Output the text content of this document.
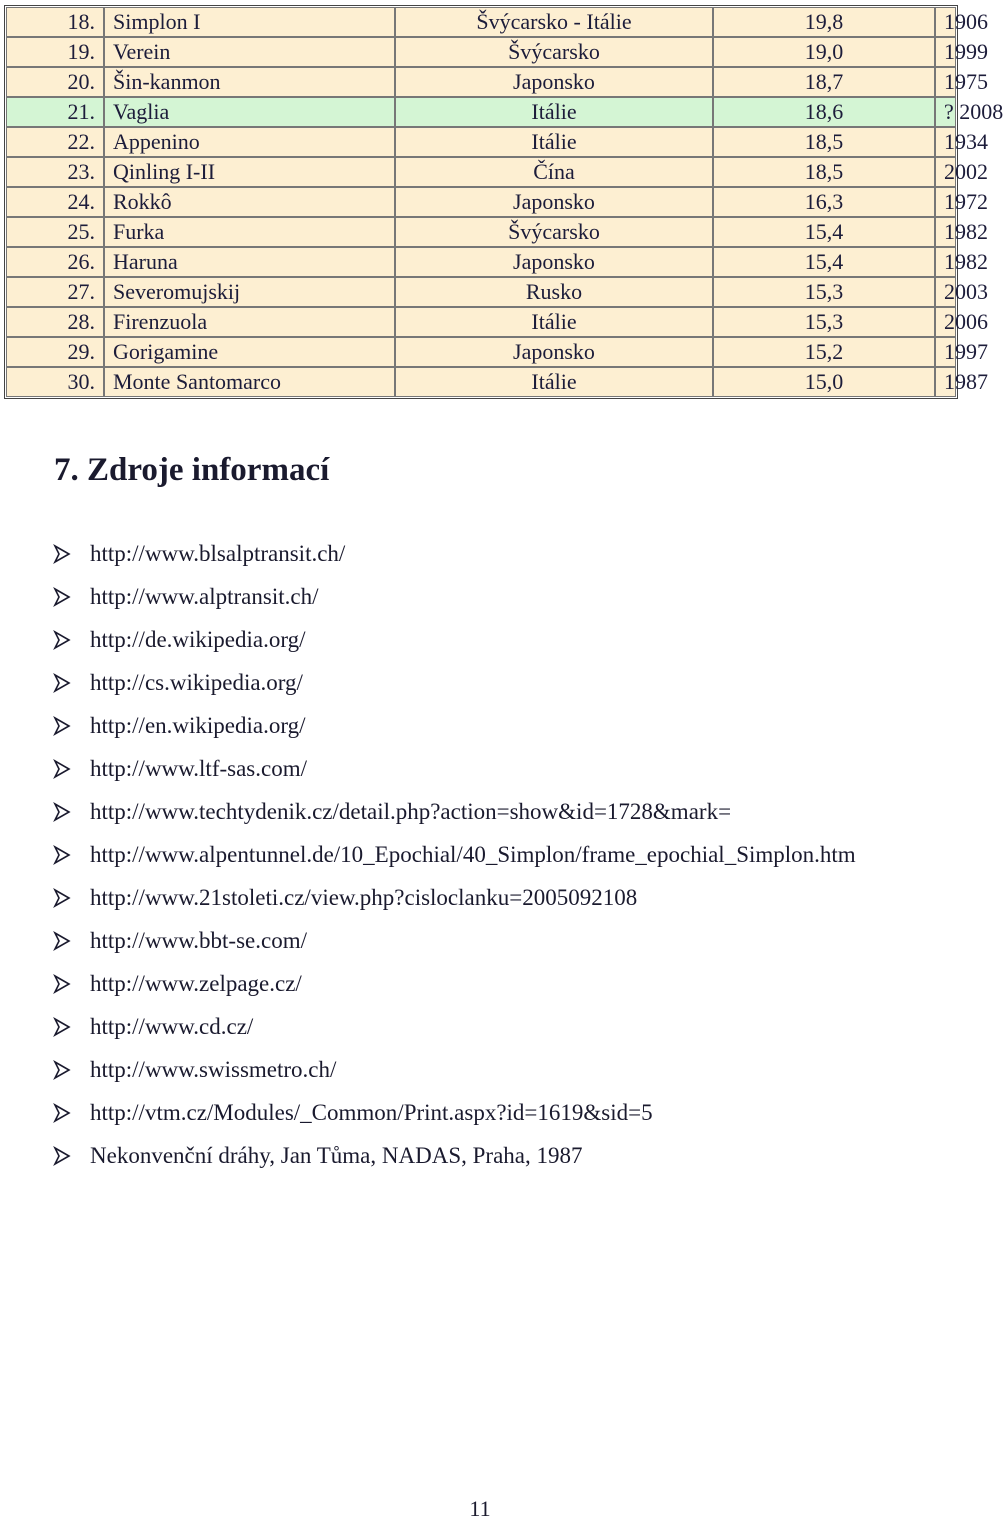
18.	Simplon I	Švýcarsko - Itálie	19,8	1906
19.	Verein	Švýcarsko	19,0	1999
20.	Šin-kanmon	Japonsko	18,7	1975
21.	Vaglia	Itálie	18,6	? 2008
22.	Appenino	Itálie	18,5	1934
23.	Qinling I-II	Čína	18,5	2002
24.	Rokkô	Japonsko	16,3	1972
25.	Furka	Švýcarsko	15,4	1982
26.	Haruna	Japonsko	15,4	1982
27.	Severomujskij	Rusko	15,3	2003
28.	Firenzuola	Itálie	15,3	2006
29.	Gorigamine	Japonsko	15,2	1997
30.	Monte Santomarco	Itálie	15,0	1987
7. Zdroje informací
http://www.blsalptransit.ch/
http://www.alptransit.ch/
http://de.wikipedia.org/
http://cs.wikipedia.org/
http://en.wikipedia.org/
http://www.ltf-sas.com/
http://www.techtydenik.cz/detail.php?action=show&id=1728&mark=
http://www.alpentunnel.de/10_Epochial/40_Simplon/frame_epochial_Simplon.htm
http://www.21stoleti.cz/view.php?cisloclanku=2005092108
http://www.bbt-se.com/
http://www.zelpage.cz/
http://www.cd.cz/
http://www.swissmetro.ch/
http://vtm.cz/Modules/_Common/Print.aspx?id=1619&sid=5
Nekonvenční dráhy, Jan Tůma, NADAS, Praha, 1987
11
